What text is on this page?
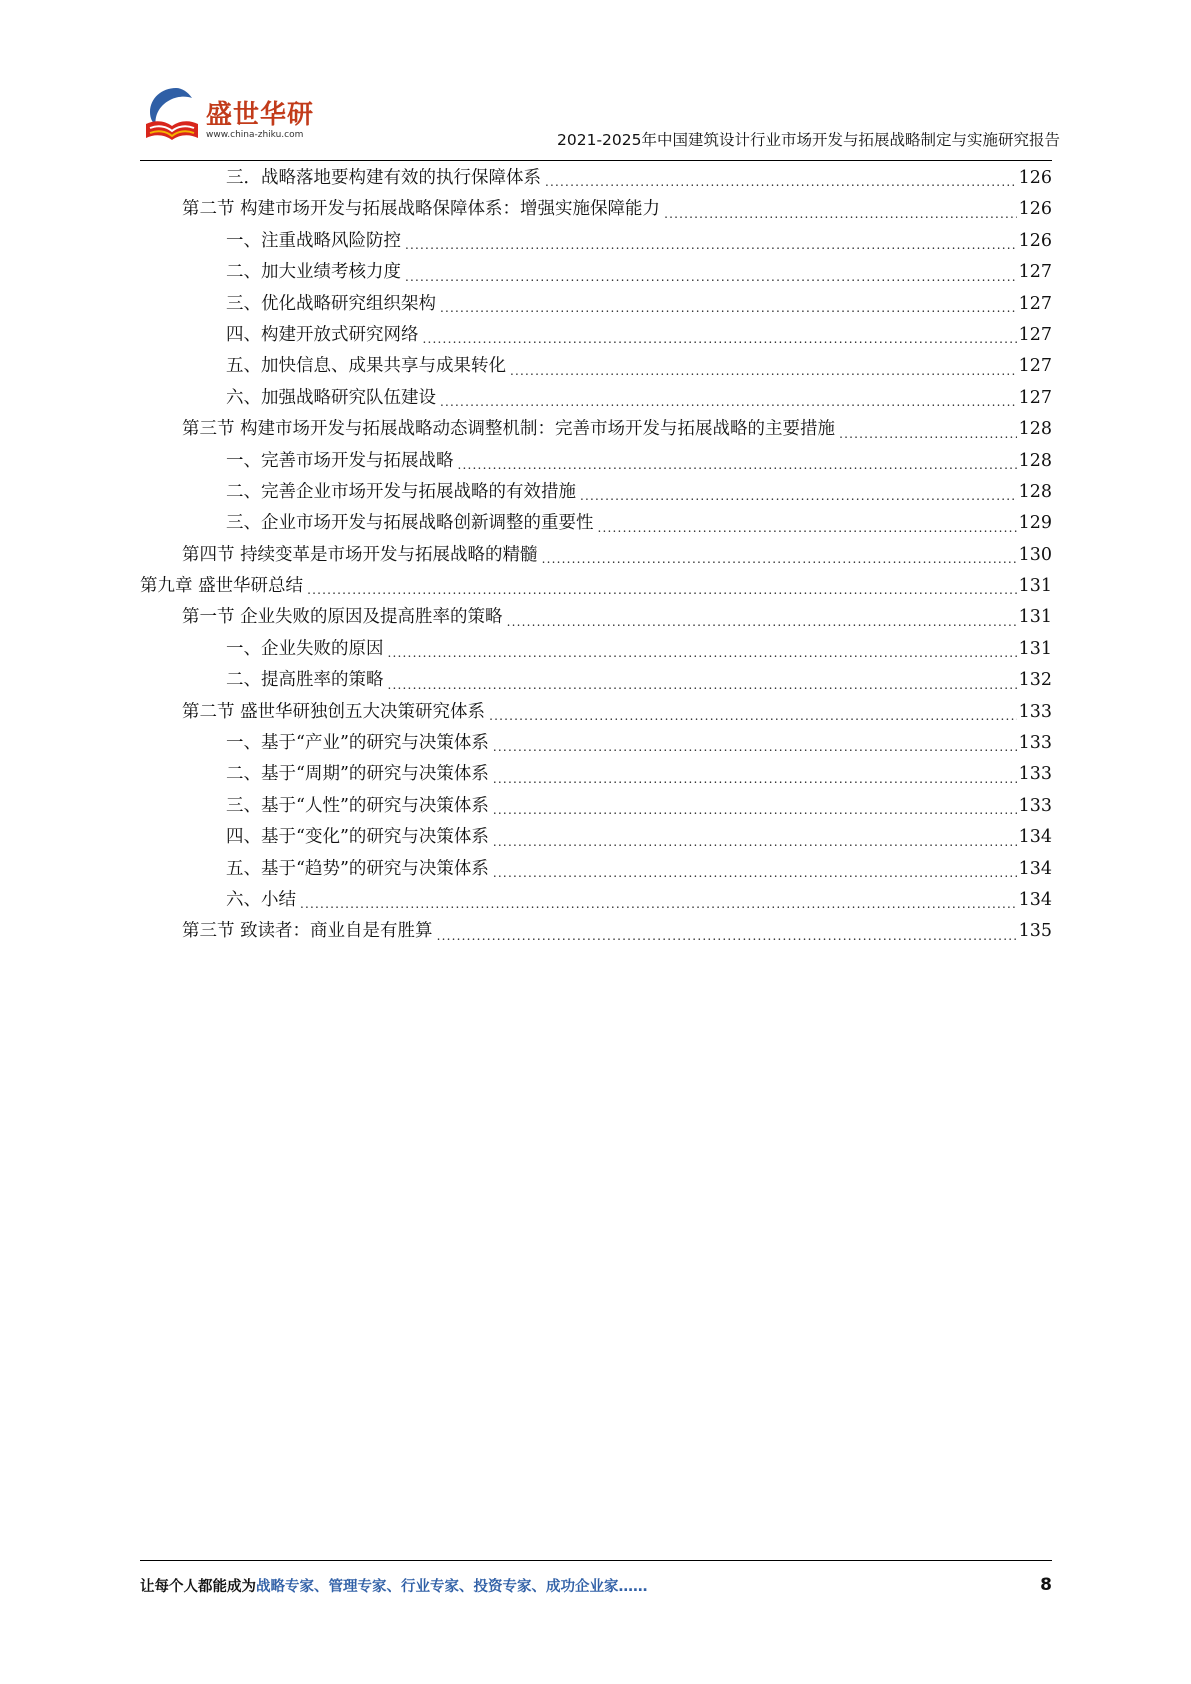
盛世华研
www.china-zhiku.com	2021-2025年中国建筑设计行业市场开发与拓展战略制定与实施研究报告
三．战略落地要构建有效的执行保障体系 .....	126
第二节 构建市场开发与拓展战略保障体系：增强实施保障能力 .....	126
一、注重战略风险防控 .....	126
二、加大业绩考核力度 .....	127
三、优化战略研究组织架构 .....	127
四、构建开放式研究网络 .....	127
五、加快信息、成果共享与成果转化 .....	127
六、加强战略研究队伍建设 .....	127
第三节 构建市场开发与拓展战略动态调整机制：完善市场开发与拓展战略的主要措施 .....	128
一、完善市场开发与拓展战略 .....	128
二、完善企业市场开发与拓展战略的有效措施 .....	128
三、企业市场开发与拓展战略创新调整的重要性 .....	129
第四节 持续变革是市场开发与拓展战略的精髓 .....	130
第九章 盛世华研总结 .....	131
第一节 企业失败的原因及提高胜率的策略 .....	131
一、企业失败的原因 .....	131
二、提高胜率的策略 .....	132
第二节 盛世华研独创五大决策研究体系 .....	133
一、基于“产业”的研究与决策体系 .....	133
二、基于“周期”的研究与决策体系 .....	133
三、基于“人性”的研究与决策体系 .....	133
四、基于“变化”的研究与决策体系 .....	134
五、基于“趋势”的研究与决策体系 .....	134
六、小结 .....	134
第三节 致读者：商业自是有胜算 .....	135
让每个人都能成为战略专家、管理专家、行业专家、投资专家、成功企业家……	8
